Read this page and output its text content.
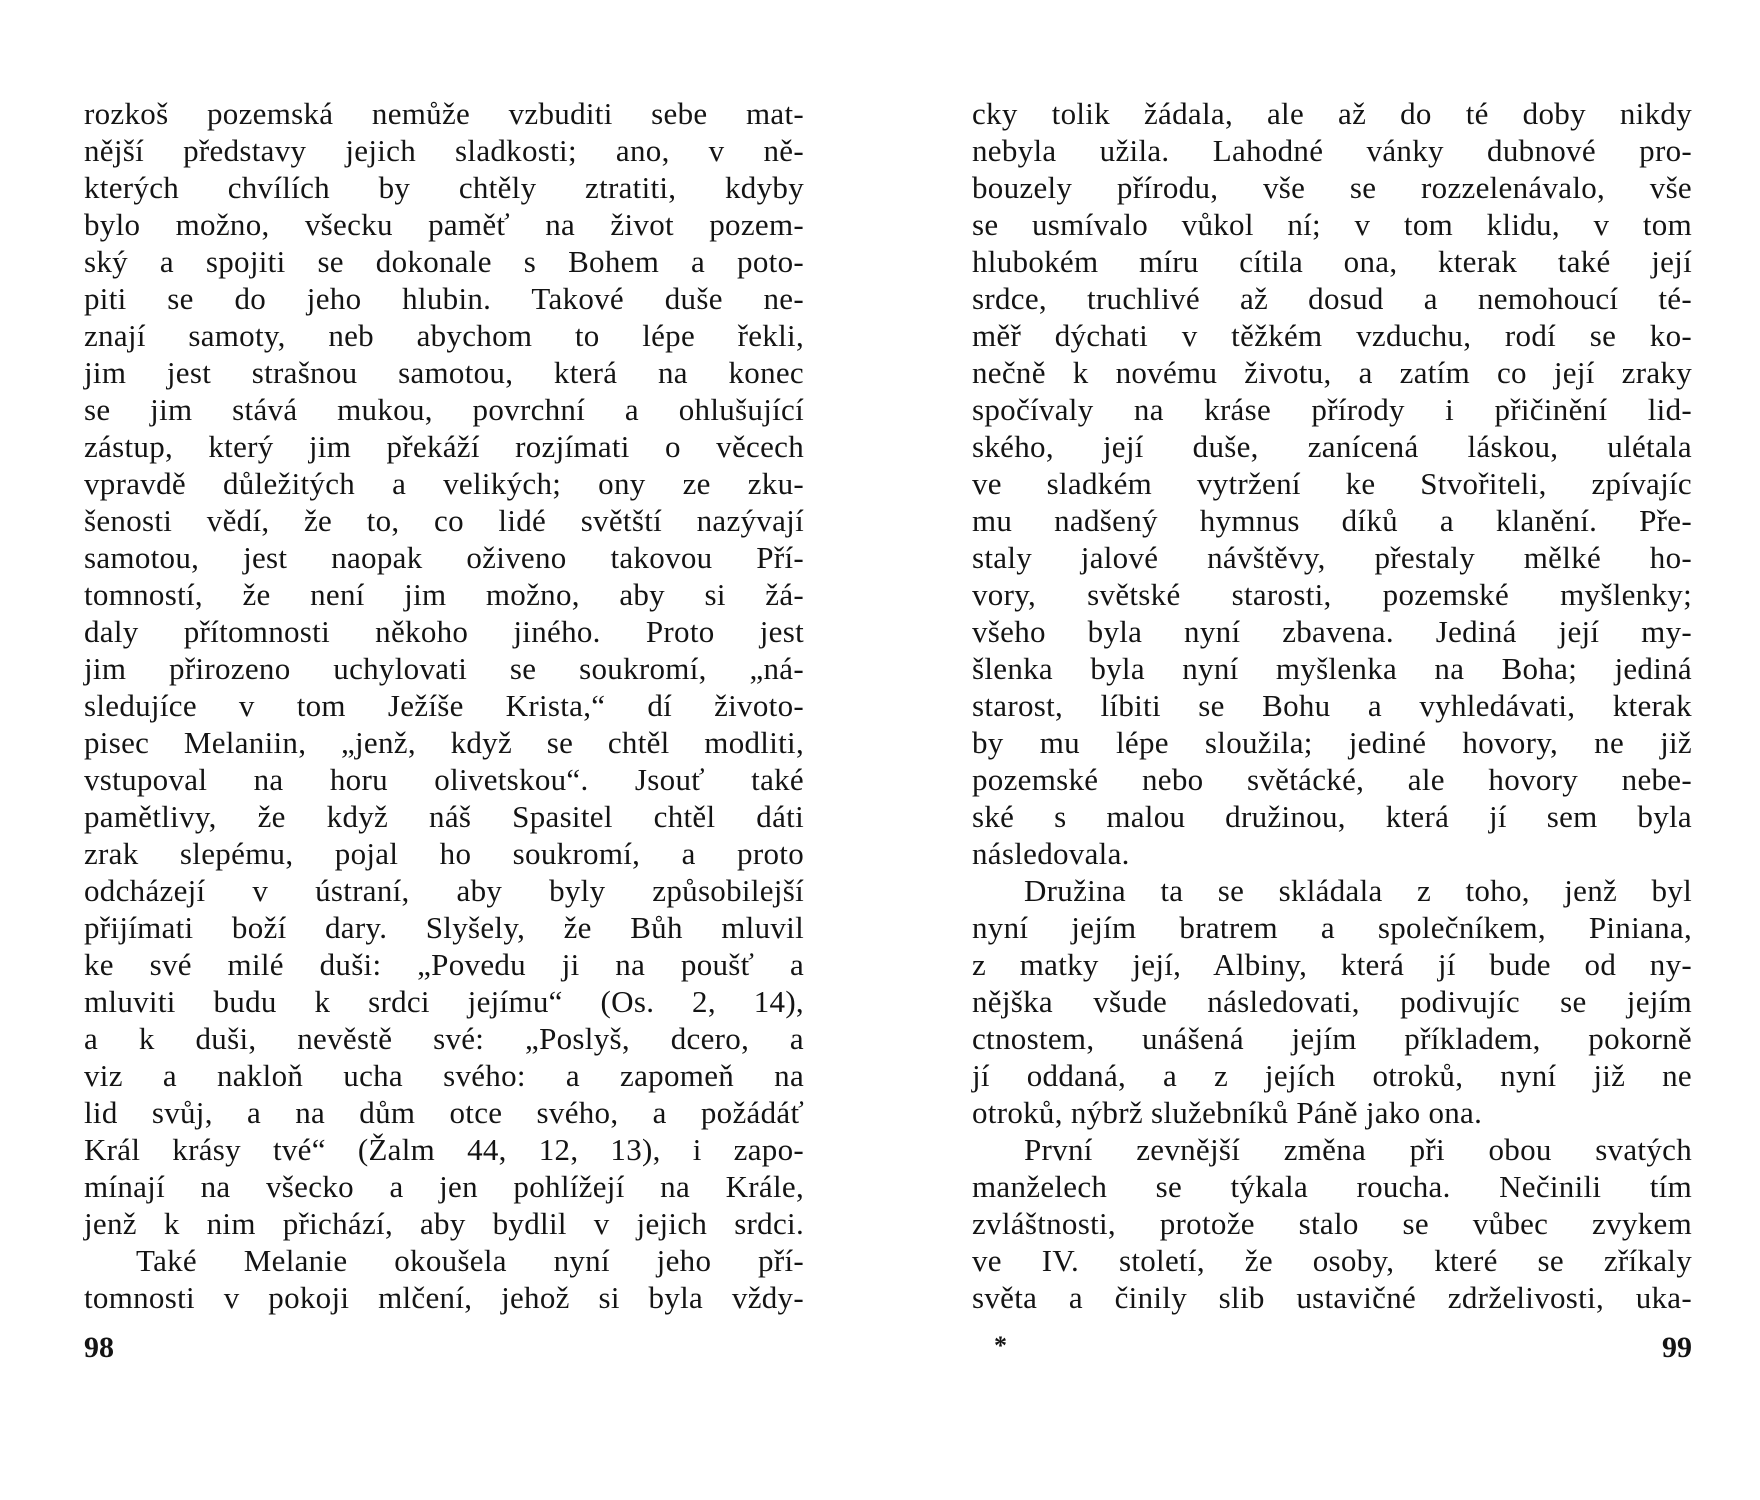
rozkoš pozemská nemůže vzbuditi sebe mat-
nější představy jejich sladkosti; ano, v ně-
kterých chvílích by chtěly ztratiti, kdyby
bylo možno, všecku paměť na život pozem-
ský a spojiti se dokonale s Bohem a poto-
piti se do jeho hlubin. Takové duše ne-
znají samoty, neb abychom to lépe řekli,
jim jest strašnou samotou, která na konec
se jim stává mukou, povrchní a ohlušující
zástup, který jim překáží rozjímati o věcech
vpravdě důležitých a velikých; ony ze zku-
šenosti vědí, že to, co lidé světští nazývají
samotou, jest naopak oživeno takovou Pří-
tomností, že není jim možno, aby si žá-
daly přítomnosti někoho jiného. Proto jest
jim přirozeno uchylovati se soukromí, „ná-
sledujíce v tom Ježíše Krista,“ dí životo-
pisec Melaniin, „jenž, když se chtěl modliti,
vstupoval na horu olivetskou“. Jsouť také
pamětlivy, že když náš Spasitel chtěl dáti
zrak slepému, pojal ho soukromí, a proto
odcházejí v ústraní, aby byly způsobilejší
přijímati boží dary. Slyšely, že Bůh mluvil
ke své milé duši: „Povedu ji na poušť a
mluviti budu k srdci jejímu“ (Os. 2, 14),
a k duši, nevěstě své: „Poslyš, dcero, a
viz a nakloň ucha svého: a zapomeň na
lid svůj, a na dům otce svého, a požádáť
Král krásy tvé“ (Žalm 44, 12, 13), i zapo-
mínají na všecko a jen pohlížejí na Krále,
jenž k nim přichází, aby bydlil v jejich srdci.
Také Melanie okoušela nyní jeho pří-
tomnosti v pokoji mlčení, jehož si byla vždy-
98
cky tolik žádala, ale až do té doby nikdy
nebyla užila. Lahodné vánky dubnové pro-
bouzely přírodu, vše se rozzelenávalo, vše
se usmívalo vůkol ní; v tom klidu, v tom
hlubokém míru cítila ona, kterak také její
srdce, truchlivé až dosud a nemohoucí té-
měř dýchati v těžkém vzduchu, rodí se ko-
nečně k novému životu, a zatím co její zraky
spočívaly na kráse přírody i přičinění lid-
ského, její duše, zanícená láskou, ulétala
ve sladkém vytržení ke Stvořiteli, zpívajíc
mu nadšený hymnus díků a klanění. Pře-
staly jalové návštěvy, přestaly mělké ho-
vory, světské starosti, pozemské myšlenky;
všeho byla nyní zbavena. Jediná její my-
šlenka byla nyní myšlenka na Boha; jediná
starost, líbiti se Bohu a vyhledávati, kterak
by mu lépe sloužila; jediné hovory, ne již
pozemské nebo světácké, ale hovory nebe-
ské s malou družinou, která jí sem byla
následovala.
Družina ta se skládala z toho, jenž byl
nyní jejím bratrem a společníkem, Piniana,
z matky její, Albiny, která jí bude od ny-
nějška všude následovati, podivujíc se jejím
ctnostem, unášená jejím příkladem, pokorně
jí oddaná, a z jejích otroků, nyní již ne
otroků, nýbrž služebníků Páně jako ona.
První zevnější změna při obou svatých
manželech se týkala roucha. Nečinili tím
zvláštnosti, protože stalo se vůbec zvykem
ve IV. století, že osoby, které se zříkaly
světa a činily slib ustavičné zdrželivosti, uka-
*	99
